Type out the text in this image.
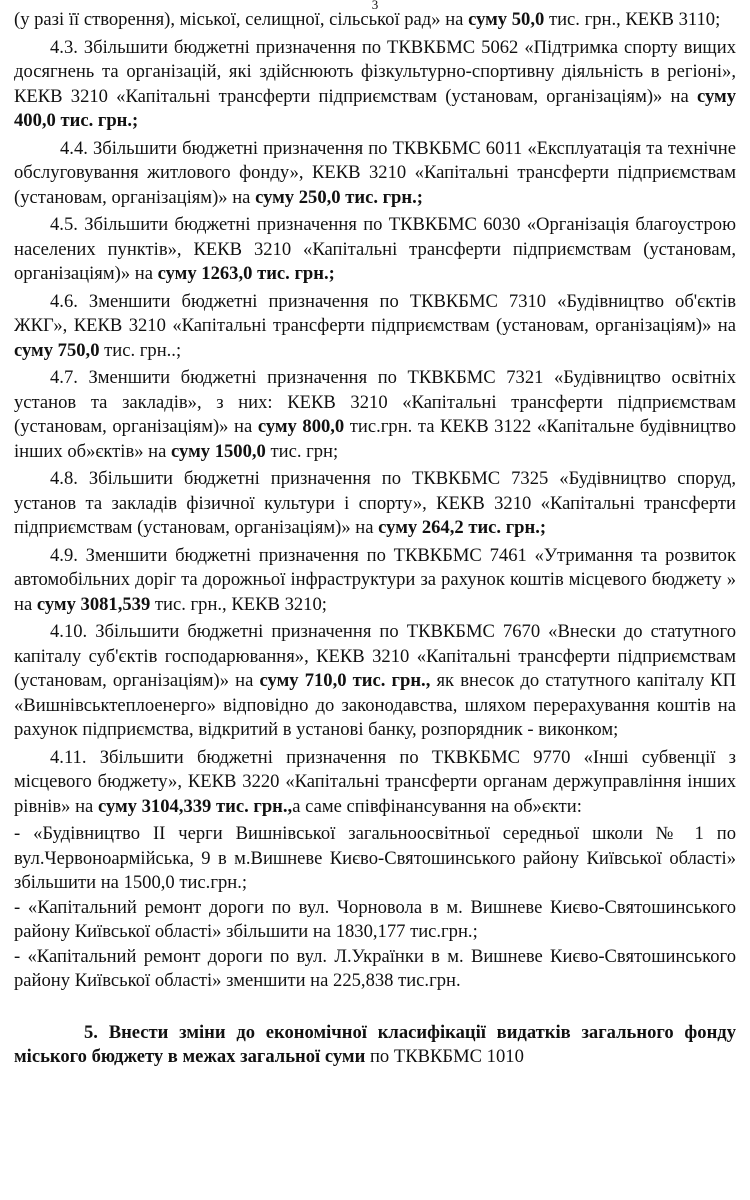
3

(у разі її створення), міської, селищної, сільської рад» на суму 50,0 тис. грн., КЕКВ 3110;

4.3. Збільшити бюджетні призначення по ТКВКБМС 5062 «Підтримка спорту вищих досягнень та організацій, які здійснюють фізкультурно-спортивну діяльність в регіоні», КЕКВ 3210 «Капітальні трансферти підприємствам (установам, організаціям)» на суму 400,0 тис. грн.;

4.4. Збільшити бюджетні призначення по ТКВКБМС 6011 «Експлуатація та технічне обслуговування житлового фонду», КЕКВ 3210 «Капітальні трансферти підприємствам (установам, організаціям)» на суму 250,0 тис. грн.;

4.5. Збільшити бюджетні призначення по ТКВКБМС 6030 «Організація благоустрою населених пунктів», КЕКВ 3210 «Капітальні трансферти підприємствам (установам, організаціям)» на суму 1263,0 тис. грн.;

4.6. Зменшити бюджетні призначення по ТКВКБМС 7310 «Будівництво об'єктів ЖКГ», КЕКВ 3210 «Капітальні трансферти підприємствам (установам, організаціям)» на суму 750,0 тис. грн..;

4.7. Зменшити бюджетні призначення по ТКВКБМС 7321 «Будівництво освітніх установ та закладів», з них: КЕКВ 3210 «Капітальні трансферти підприємствам (установам, організаціям)» на суму 800,0 тис.грн. та КЕКВ 3122 «Капітальне будівництво інших об»єктів» на суму 1500,0 тис. грн;

4.8. Збільшити бюджетні призначення по ТКВКБМС 7325 «Будівництво споруд, установ та закладів фізичної культури і спорту», КЕКВ 3210 «Капітальні трансферти підприємствам (установам, організаціям)» на суму 264,2 тис. грн.;

4.9. Зменшити бюджетні призначення по ТКВКБМС 7461 «Утримання та розвиток автомобільних доріг та дорожньої інфраструктури за рахунок коштів місцевого бюджету » на суму 3081,539 тис. грн., КЕКВ 3210;

4.10. Збільшити бюджетні призначення по ТКВКБМС 7670 «Внески до статутного капіталу суб'єктів господарювання», КЕКВ 3210 «Капітальні трансферти підприємствам (установам, організаціям)» на суму 710,0 тис. грн., як внесок до статутного капіталу КП «Вишнівськтеплоенерго» відповідно до законодавства, шляхом перерахування коштів на рахунок підприємства, відкритий в установі банку, розпорядник - виконком;

4.11. Збільшити бюджетні призначення по ТКВКБМС 9770 «Інші субвенції з місцевого бюджету», КЕКВ 3220 «Капітальні трансферти органам держуправління інших рівнів» на суму 3104,339 тис. грн.,а саме співфінансування на об»єкти:

- «Будівництво ІІ черги Вишнівської загальноосвітньої середньої школи № 1 по вул.Червоноармійська, 9 в м.Вишневе Києво-Святошинського району Київської області» збільшити на 1500,0 тис.грн.;

- «Капітальний ремонт дороги по вул. Чорновола в м. Вишневе Києво-Святошинського району Київської області» збільшити на 1830,177 тис.грн.;

- «Капітальний ремонт дороги по вул. Л.Українки в м. Вишневе Києво-Святошинського району Київської області» зменшити на 225,838 тис.грн.

5. Внести зміни до економічної класифікації видатків загального фонду міського бюджету в межах загальної суми по ТКВКБМС 1010
